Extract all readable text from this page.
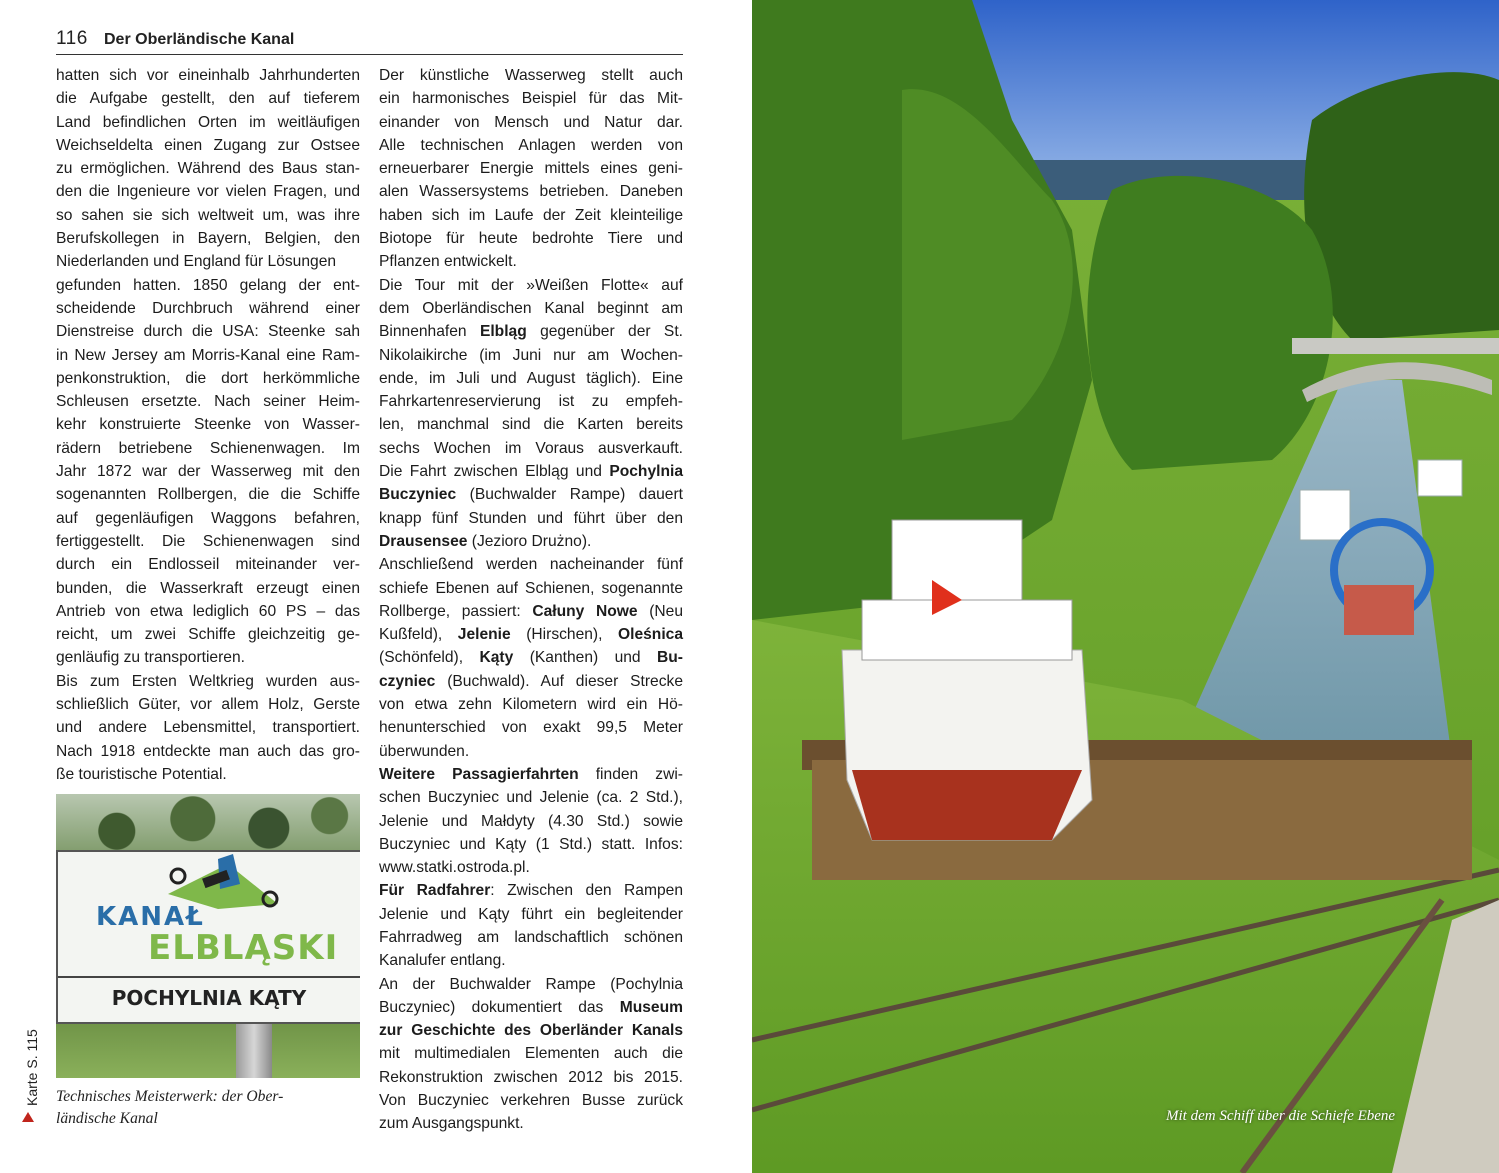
116 Der Oberländische Kanal
hatten sich vor eineinhalb Jahrhunderten
die Aufgabe gestellt, den auf tieferem
Land befindlichen Orten im weitläufigen
Weichseldelta einen Zugang zur Ostsee
zu ermöglichen. Während des Baus stan-
den die Ingenieure vor vielen Fragen, und
so sahen sie sich weltweit um, was ihre
Berufskollegen in Bayern, Belgien, den
Niederlanden und England für Lösungen
gefunden hatten. 1850 gelang der ent-
scheidende Durchbruch während einer
Dienstreise durch die USA: Steenke sah
in New Jersey am Morris-Kanal eine Ram-
penkonstruktion, die dort herkömmliche
Schleusen ersetzte. Nach seiner Heim-
kehr konstruierte Steenke von Wasser-
rädern betriebene Schienenwagen. Im
Jahr 1872 war der Wasserweg mit den
sogenannten Rollbergen, die die Schiffe
auf gegenläufigen Waggons befahren,
fertiggestellt. Die Schienenwagen sind
durch ein Endlosseil miteinander ver-
bunden, die Wasserkraft erzeugt einen
Antrieb von etwa lediglich 60 PS – das
reicht, um zwei Schiffe gleichzeitig ge-
genläufig zu transportieren.
Bis zum Ersten Weltkrieg wurden aus-
schließlich Güter, vor allem Holz, Gerste
und andere Lebensmittel, transportiert.
Nach 1918 entdeckte man auch das gro-
ße touristische Potential.
KANAŁ
ELBLĄSKI
POCHYLNIA KĄTY
Technisches Meisterwerk: der Ober-
ländische Kanal
Karte S. 115
Der künstliche Wasserweg stellt auch
ein harmonisches Beispiel für das Mit-
einander von Mensch und Natur dar.
Alle technischen Anlagen werden von
erneuerbarer Energie mittels eines geni-
alen Wassersystems betrieben. Daneben
haben sich im Laufe der Zeit kleinteilige
Biotope für heute bedrohte Tiere und
Pflanzen entwickelt.
Die Tour mit der »Weißen Flotte« auf
dem Oberländischen Kanal beginnt am
Binnenhafen Elbląg gegenüber der St.
Nikolaikirche (im Juni nur am Wochen-
ende, im Juli und August täglich). Eine
Fahrkartenreservierung ist zu empfeh-
len, manchmal sind die Karten bereits
sechs Wochen im Voraus ausverkauft.
Die Fahrt zwischen Elbląg und Pochylnia
Buczyniec (Buchwalder Rampe) dauert
knapp fünf Stunden und führt über den
Drausensee (Jezioro Drużno).
Anschließend werden nacheinander fünf
schiefe Ebenen auf Schienen, sogenannte
Rollberge, passiert: Całuny Nowe (Neu
Kußfeld), Jelenie (Hirschen), Oleśnica
(Schönfeld), Kąty (Kanthen) und Bu-
czyniec (Buchwald). Auf dieser Strecke
von etwa zehn Kilometern wird ein Hö-
henunterschied von exakt 99,5 Meter
überwunden.
Weitere Passagierfahrten finden zwi-
schen Buczyniec und Jelenie (ca. 2 Std.),
Jelenie und Małdyty (4.30 Std.) sowie
Buczyniec und Kąty (1 Std.) statt. Infos:
www.statki.ostroda.pl.
Für Radfahrer: Zwischen den Rampen
Jelenie und Kąty führt ein begleitender
Fahrradweg am landschaftlich schönen
Kanalufer entlang.
An der Buchwalder Rampe (Pochylnia
Buczyniec) dokumentiert das Museum
zur Geschichte des Oberländer Kanals
mit multimedialen Elementen auch die
Rekonstruktion zwischen 2012 bis 2015.
Von Buczyniec verkehren Busse zurück
zum Ausgangspunkt.	Mit dem Schiff über die Schiefe Ebene
